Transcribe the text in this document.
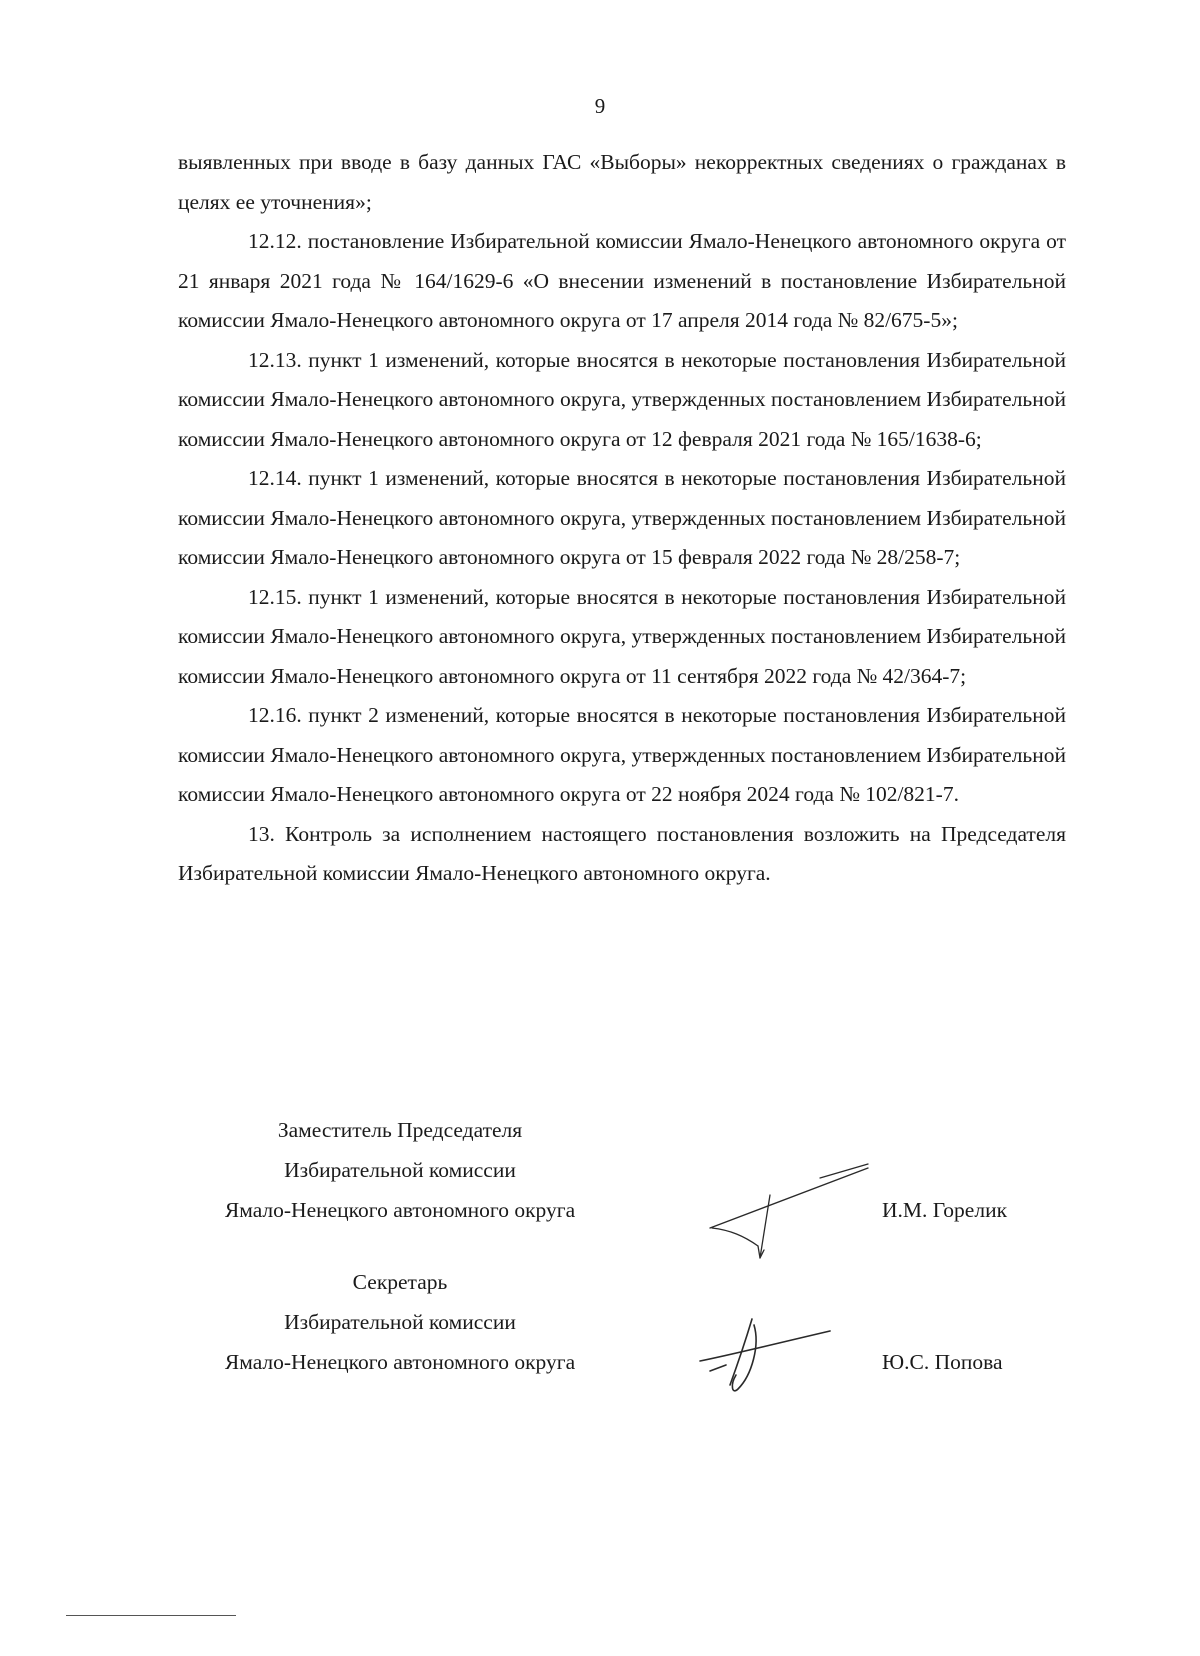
9

выявленных при вводе в базу данных ГАС «Выборы» некорректных сведениях о гражданах в целях ее уточнения»;

12.12. постановление Избирательной комиссии Ямало-Ненецкого автономного округа от 21 января 2021 года № 164/1629-6 «О внесении изменений в постановление Избирательной комиссии Ямало-Ненецкого автономного округа от 17 апреля 2014 года № 82/675-5»;

12.13. пункт 1 изменений, которые вносятся в некоторые постановления Избирательной комиссии Ямало-Ненецкого автономного округа, утвержденных постановлением Избирательной комиссии Ямало-Ненецкого автономного округа от 12 февраля 2021 года № 165/1638-6;

12.14. пункт 1 изменений, которые вносятся в некоторые постановления Избирательной комиссии Ямало-Ненецкого автономного округа, утвержденных постановлением Избирательной комиссии Ямало-Ненецкого автономного округа от 15 февраля 2022 года № 28/258-7;

12.15. пункт 1 изменений, которые вносятся в некоторые постановления Избирательной комиссии Ямало-Ненецкого автономного округа, утвержденных постановлением Избирательной комиссии Ямало-Ненецкого автономного округа от 11 сентября 2022 года № 42/364-7;

12.16. пункт 2 изменений, которые вносятся в некоторые постановления Избирательной комиссии Ямало-Ненецкого автономного округа, утвержденных постановлением Избирательной комиссии Ямало-Ненецкого автономного округа от 22 ноября 2024 года № 102/821-7.

13. Контроль за исполнением настоящего постановления возложить на Председателя Избирательной комиссии Ямало-Ненецкого автономного округа.

Заместитель Председателя
Избирательной комиссии
Ямало-Ненецкого автономного округа	И.М. Горелик
Секретарь
Избирательной комиссии
Ямало-Ненецкого автономного округа	Ю.С. Попова
